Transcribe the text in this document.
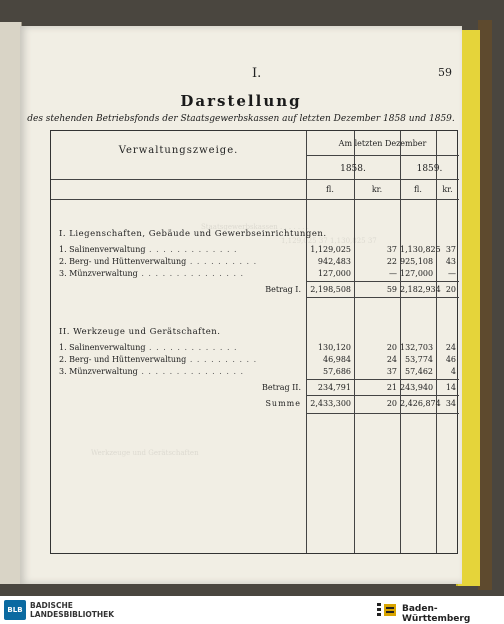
I.	59
Darstellung
des stehenden Betriebsfonds der Staatsgewerbskassen auf letzten Dezember 1858 und 1859.
Staatsgewerbskassen . . . . . . .
1,129,025 37 1,130,825 37
Werkzeuge und Gerätschaften
Verwaltungszweige.
Am letzten Dezember
1858.	1859.
fl.	kr.	fl.	kr.
I. Liegenschaften, Gebäude und Gewerbseinrichtungen.
1. Salinenverwaltung . . . . . . . . . . . . .	1,129,025	37 1,130,825 37
2. Berg- und Hüttenverwaltung . . . . . . . . . .	942,483	22 925,108	43
3. Münzverwaltung . . . . . . . . . . . . . . .	127,000	— 127,000	—
Betrag I.	2,198,508	59 2,182,934 20
II. Werkzeuge und Gerätschaften.
1. Salinenverwaltung . . . . . . . . . . . . .	130,120	20 132,703	24
2. Berg- und Hüttenverwaltung . . . . . . . . . .	46,984	24	53,774	46
3. Münzverwaltung . . . . . . . . . . . . . . .	57,686	37	57,462	4
Betrag II.	234,791	21 243,940	14
Summe	2,433,300	20 2,426,874 34
BLB BADISCHE
LANDESBIBLIOTHEK
Baden-Württemberg
